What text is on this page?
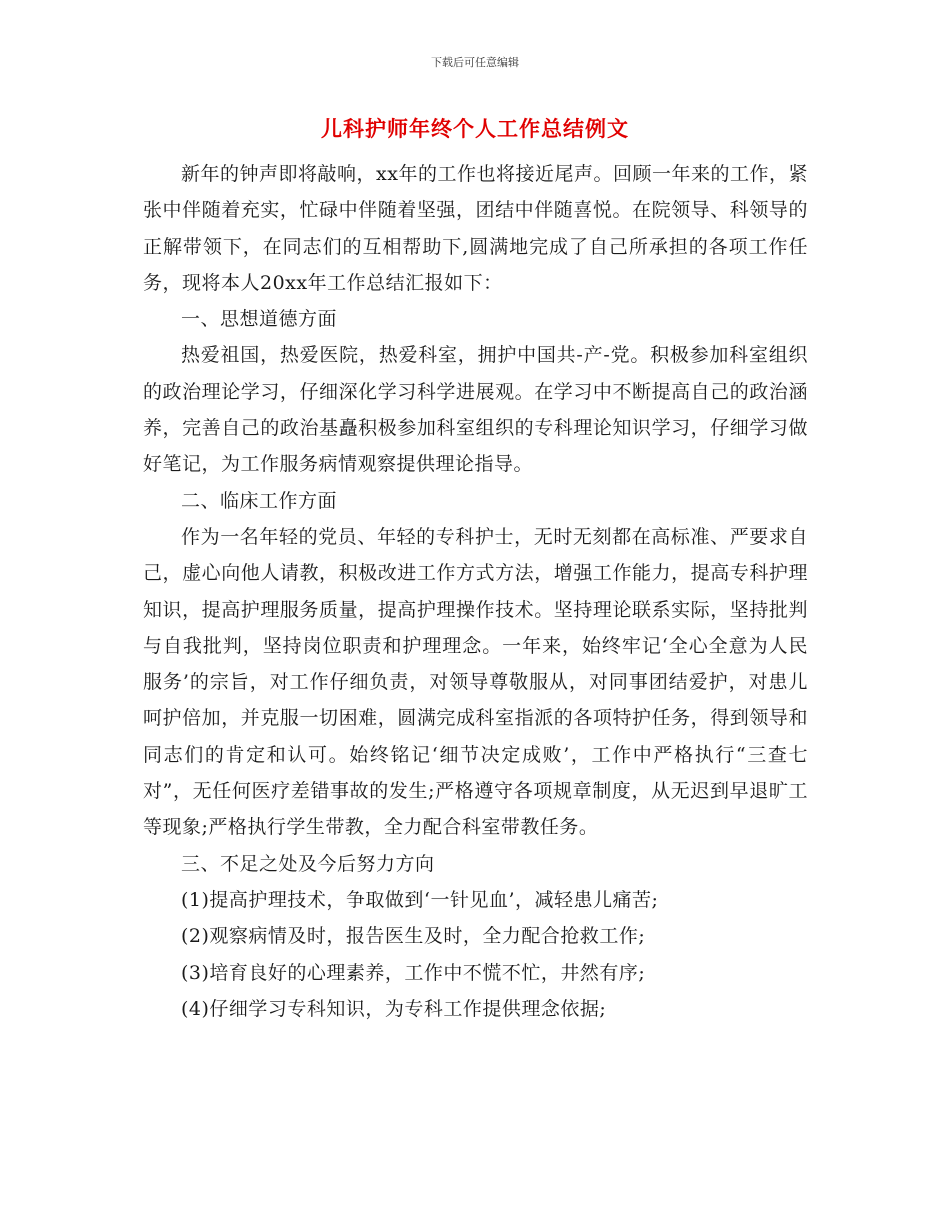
下载后可任意编辑
儿科护师年终个人工作总结例文

新年的钟声即将敲响，xx年的工作也将接近尾声。回顾一年来的工作，紧张中伴随着充实，忙碌中伴随着坚强，团结中伴随喜悦。在院领导、科领导的正解带领下，在同志们的互相帮助下,圆满地完成了自己所承担的各项工作任务，现将本人20xx年工作总结汇报如下：

一、思想道德方面

热爱祖国，热爱医院，热爱科室，拥护中国共-产-党。积极参加科室组织的政治理论学习，仔细深化学习科学进展观。在学习中不断提高自己的政治涵养，完善自己的政治基矗积极参加科室组织的专科理论知识学习，仔细学习做好笔记，为工作服务病情观察提供理论指导。

二、临床工作方面

作为一名年轻的党员、年轻的专科护士，无时无刻都在高标准、严要求自己，虚心向他人请教，积极改进工作方式方法，增强工作能力，提高专科护理知识，提高护理服务质量，提高护理操作技术。坚持理论联系实际，坚持批判与自我批判，坚持岗位职责和护理理念。一年来，始终牢记‘全心全意为人民服务’的宗旨，对工作仔细负责，对领导尊敬服从，对同事团结爱护，对患儿呵护倍加，并克服一切困难，圆满完成科室指派的各项特护任务，得到领导和同志们的肯定和认可。始终铭记‘细节决定成败’，工作中严格执行“三查七对”，无任何医疗差错事故的发生;严格遵守各项规章制度，从无迟到早退旷工等现象;严格执行学生带教，全力配合科室带教任务。

三、不足之处及今后努力方向

(1)提高护理技术，争取做到‘一针见血’，减轻患儿痛苦;

(2)观察病情及时，报告医生及时，全力配合抢救工作;

(3)培育良好的心理素养，工作中不慌不忙，井然有序;

(4)仔细学习专科知识，为专科工作提供理念依据;
